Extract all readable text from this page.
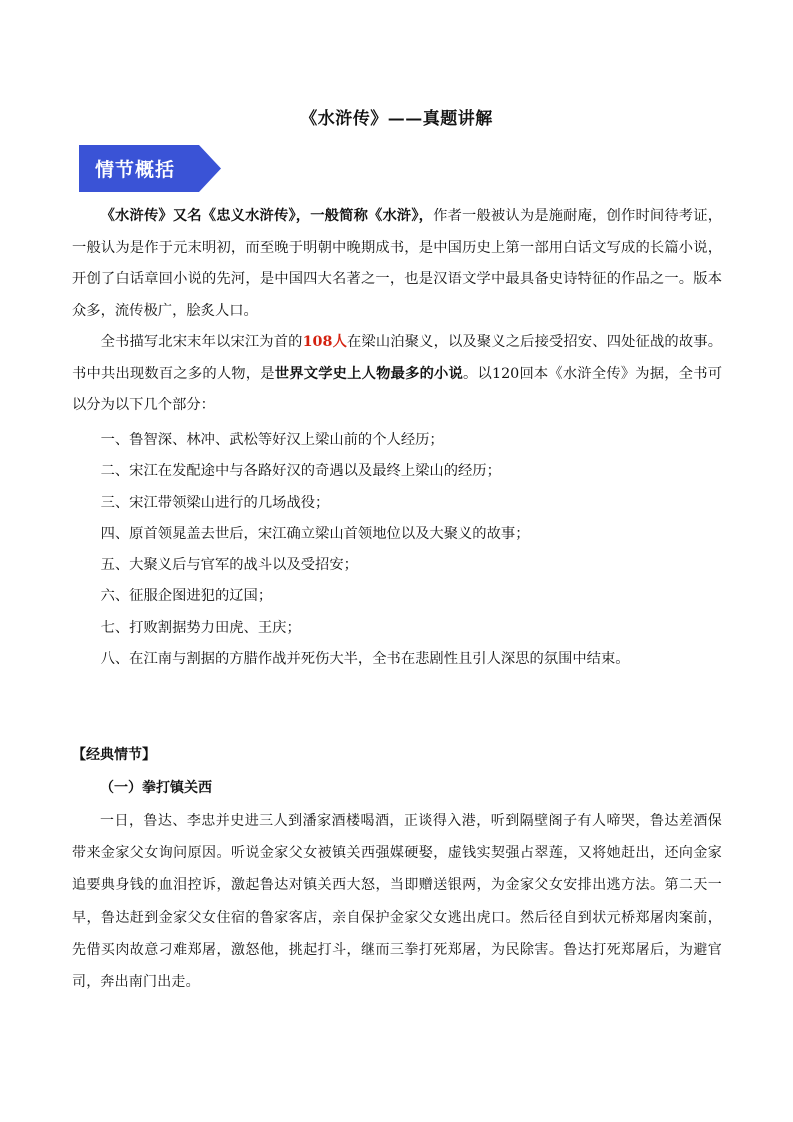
《水浒传》——真题讲解
情节概括

《水浒传》又名《忠义水浒传》，一般简称《水浒》，作者一般被认为是施耐庵，创作时间待考证，一般认为是作于元末明初，而至晚于明朝中晚期成书，是中国历史上第一部用白话文写成的长篇小说，开创了白话章回小说的先河，是中国四大名著之一，也是汉语文学中最具备史诗特征的作品之一。版本众多，流传极广，脍炙人口。

全书描写北宋末年以宋江为首的108人在梁山泊聚义，以及聚义之后接受招安、四处征战的故事。书中共出现数百之多的人物，是世界文学史上人物最多的小说。以120回本《水浒全传》为据，全书可以分为以下几个部分：

一、鲁智深、林冲、武松等好汉上梁山前的个人经历；
二、宋江在发配途中与各路好汉的奇遇以及最终上梁山的经历；
三、宋江带领梁山进行的几场战役；
四、原首领晁盖去世后，宋江确立梁山首领地位以及大聚义的故事；
五、大聚义后与官军的战斗以及受招安；
六、征服企图进犯的辽国；
七、打败割据势力田虎、王庆；
八、在江南与割据的方腊作战并死伤大半，全书在悲剧性且引人深思的氛围中结束。
【经典情节】
（一）拳打镇关西

一日，鲁达、李忠并史进三人到潘家酒楼喝酒，正谈得入港，听到隔壁阁子有人啼哭，鲁达差酒保带来金家父女询问原因。听说金家父女被镇关西强媒硬娶，虚钱实契强占翠莲，又将她赶出，还向金家追要典身钱的血泪控诉，激起鲁达对镇关西大怒，当即赠送银两，为金家父女安排出逃方法。第二天一早，鲁达赶到金家父女住宿的鲁家客店，亲自保护金家父女逃出虎口。然后径自到状元桥郑屠肉案前，先借买肉故意刁难郑屠，激怒他，挑起打斗，继而三拳打死郑屠，为民除害。鲁达打死郑屠后，为避官司，奔出南门出走。
